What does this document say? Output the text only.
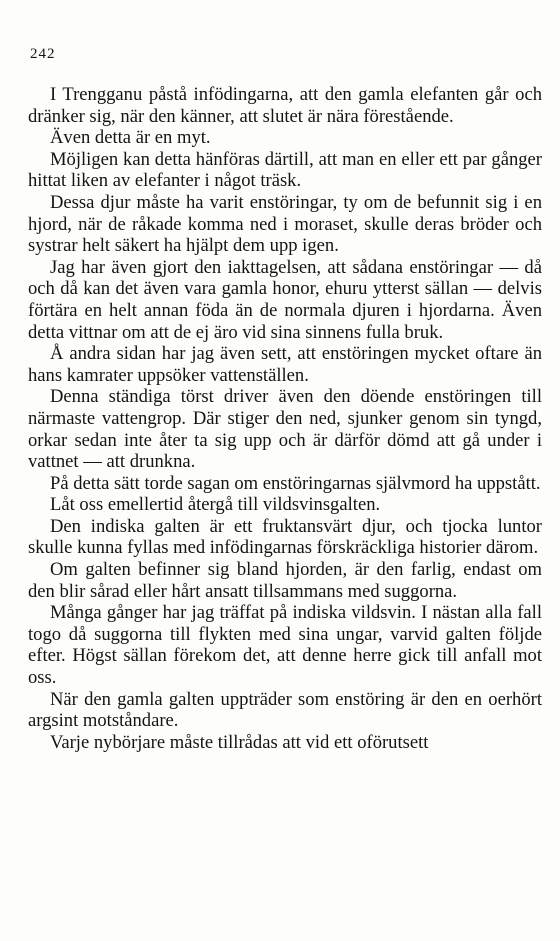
242

I Trengganu påstå infödingarna, att den gamla elefanten går och dränker sig, när den känner, att slutet är nära förestående.

Även detta är en myt.

Möjligen kan detta hänföras därtill, att man en eller ett par gånger hittat liken av elefanter i något träsk.

Dessa djur måste ha varit enstöringar, ty om de befunnit sig i en hjord, när de råkade komma ned i moraset, skulle deras bröder och systrar helt säkert ha hjälpt dem upp igen.

Jag har även gjort den iakttagelsen, att sådana enstöringar — då och då kan det även vara gamla honor, ehuru ytterst sällan — delvis förtära en helt annan föda än de normala djuren i hjordarna. Även detta vittnar om att de ej äro vid sina sinnens fulla bruk.

Å andra sidan har jag även sett, att enstöringen mycket oftare än hans kamrater uppsöker vattenställen.

Denna ständiga törst driver även den döende enstöringen till närmaste vattengrop. Där stiger den ned, sjunker genom sin tyngd, orkar sedan inte åter ta sig upp och är därför dömd att gå under i vattnet — att drunkna.

På detta sätt torde sagan om enstöringarnas självmord ha uppstått.

Låt oss emellertid återgå till vildsvinsgalten.

Den indiska galten är ett fruktansvärt djur, och tjocka luntor skulle kunna fyllas med infödingarnas förskräckliga historier därom.

Om galten befinner sig bland hjorden, är den farlig, endast om den blir sårad eller hårt ansatt tillsammans med suggorna.

Många gånger har jag träffat på indiska vildsvin. I nästan alla fall togo då suggorna till flykten med sina ungar, varvid galten följde efter. Högst sällan förekom det, att denne herre gick till anfall mot oss.

När den gamla galten uppträder som enstöring är den en oerhört argsint motståndare.

Varje nybörjare måste tillrådas att vid ett oförutsett
